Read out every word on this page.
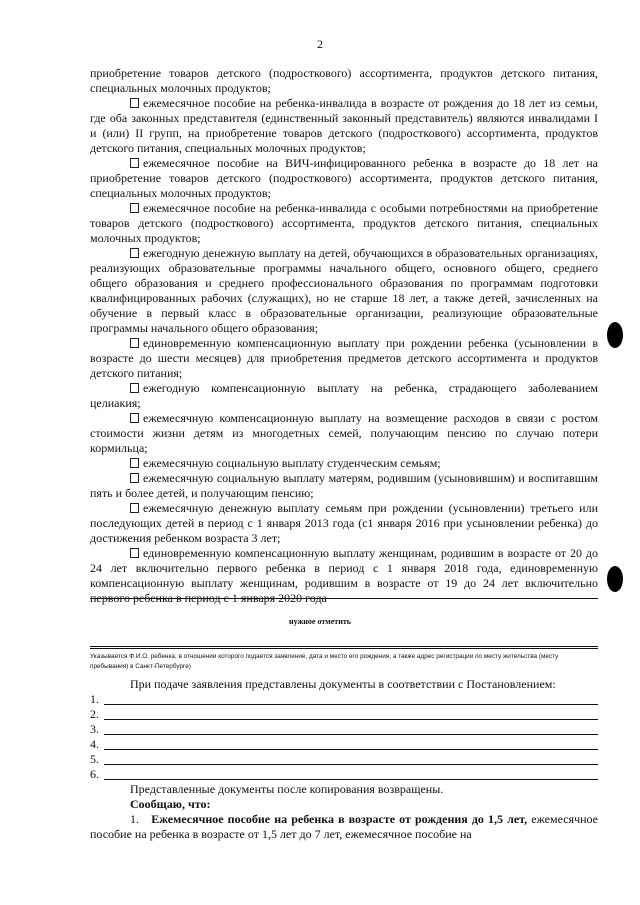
2

приобретение товаров детского (подросткового) ассортимента, продуктов детского питания, специальных молочных продуктов;

ежемесячное пособие на ребенка-инвалида в возрасте от рождения до 18 лет из семьи, где оба законных представителя (единственный законный представитель) являются инвалидами I и (или) II групп, на приобретение товаров детского (подросткового) ассортимента, продуктов детского питания, специальных молочных продуктов;

ежемесячное пособие на ВИЧ-инфицированного ребенка в возрасте до 18 лет на приобретение товаров детского (подросткового) ассортимента, продуктов детского питания, специальных молочных продуктов;

ежемесячное пособие на ребенка-инвалида с особыми потребностями на приобретение товаров детского (подросткового) ассортимента, продуктов детского питания, специальных молочных продуктов;

ежегодную денежную выплату на детей, обучающихся в образовательных организациях, реализующих образовательные программы начального общего, основного общего, среднего общего образования и среднего профессионального образования по программам подготовки квалифицированных рабочих (служащих), но не старше 18 лет, а также детей, зачисленных на обучение в первый класс в образовательные организации, реализующие образовательные программы начального общего образования;

единовременную компенсационную выплату при рождении ребенка (усыновлении в возрасте до шести месяцев) для приобретения предметов детского ассортимента и продуктов детского питания;

ежегодную компенсационную выплату на ребенка, страдающего заболеванием целиакия;

ежемесячную компенсационную выплату на возмещение расходов в связи с ростом стоимости жизни детям из многодетных семей, получающим пенсию по случаю потери кормильца;

ежемесячную социальную выплату студенческим семьям;

ежемесячную социальную выплату матерям, родившим (усыновившим) и воспитавшим пять и более детей, и получающим пенсию;

ежемесячную денежную выплату семьям при рождении (усыновлении) третьего или последующих детей в период с 1 января 2013 года (с1 января 2016 при усыновлении ребенка) до достижения ребенком возраста 3 лет;

единовременную компенсационную выплату женщинам, родившим в возрасте от 20 до 24 лет включительно первого ребенка в период с 1 января 2018 года, единовременную компенсационную выплату женщинам, родившим в возрасте от 19 до 24 лет включительно первого ребенка в период с 1 января 2020 года

нужное отметить
Указывается Ф.И.О. ребенка, в отношении которого подается заявление, дата и место его рождения, а также адрес регистрации по месту жительства (месту пребывания) в Санкт-Петербурге)
При подаче заявления представлены документы в соответствии с Постановлением:
1.
2.
3.
4.
5.
6.
Представленные документы после копирования возвращены.
Сообщаю, что:
1. Ежемесячное пособие на ребенка в возрасте от рождения до 1,5 лет, ежемесячное пособие на ребенка в возрасте от 1,5 лет до 7 лет, ежемесячное пособие на
